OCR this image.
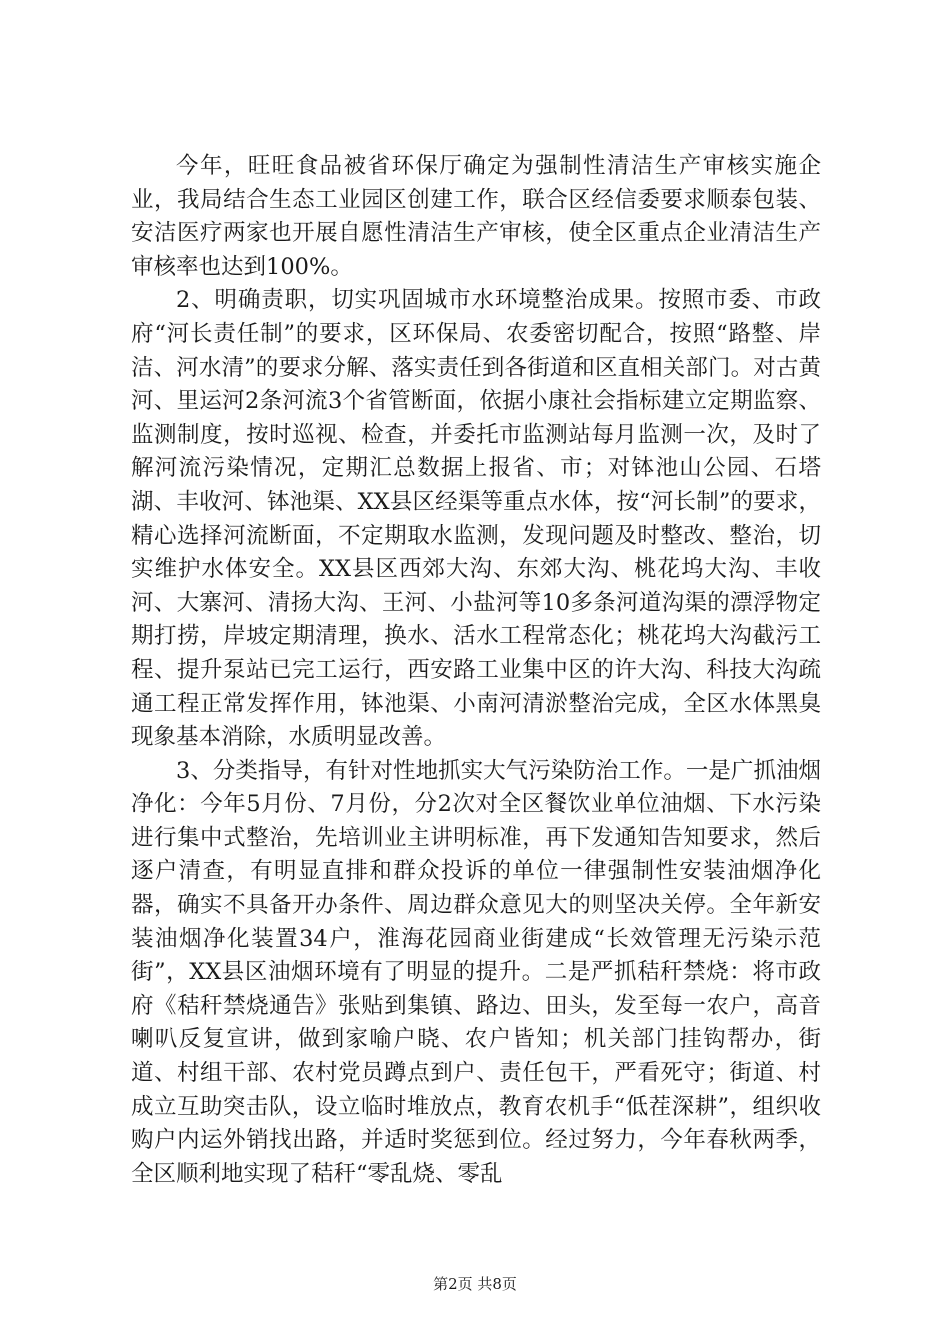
今年，旺旺食品被省环保厅确定为强制性清洁生产审核实施企业，我局结合生态工业园区创建工作，联合区经信委要求顺泰包装、安洁医疗两家也开展自愿性清洁生产审核，使全区重点企业清洁生产审核率也达到100%。

2、明确责职，切实巩固城市水环境整治成果。按照市委、市政府“河长责任制”的要求，区环保局、农委密切配合，按照“路整、岸洁、河水清”的要求分解、落实责任到各街道和区直相关部门。对古黄河、里运河2条河流3个省管断面，依据小康社会指标建立定期监察、监测制度，按时巡视、检查，并委托市监测站每月监测一次，及时了解河流污染情况，定期汇总数据上报省、市；对钵池山公园、石塔湖、丰收河、钵池渠、XX县区经渠等重点水体，按“河长制”的要求，精心选择河流断面，不定期取水监测，发现问题及时整改、整治，切实维护水体安全。XX县区西郊大沟、东郊大沟、桃花坞大沟、丰收河、大寨河、清扬大沟、王河、小盐河等10多条河道沟渠的漂浮物定期打捞，岸坡定期清理，换水、活水工程常态化；桃花坞大沟截污工程、提升泵站已完工运行，西安路工业集中区的许大沟、科技大沟疏通工程正常发挥作用，钵池渠、小南河清淤整治完成，全区水体黑臭现象基本消除，水质明显改善。

3、分类指导，有针对性地抓实大气污染防治工作。一是广抓油烟净化：今年5月份、7月份，分2次对全区餐饮业单位油烟、下水污染进行集中式整治，先培训业主讲明标准，再下发通知告知要求，然后逐户清查，有明显直排和群众投诉的单位一律强制性安装油烟净化器，确实不具备开办条件、周边群众意见大的则坚决关停。全年新安装油烟净化装置34户，淮海花园商业街建成“长效管理无污染示范街”，XX县区油烟环境有了明显的提升。二是严抓秸秆禁烧：将市政府《秸秆禁烧通告》张贴到集镇、路边、田头，发至每一农户，高音喇叭反复宣讲，做到家喻户晓、农户皆知；机关部门挂钩帮办，街道、村组干部、农村党员蹲点到户、责任包干，严看死守；街道、村成立互助突击队，设立临时堆放点，教育农机手“低茬深耕”，组织收购户内运外销找出路，并适时奖惩到位。经过努力，今年春秋两季，全区顺利地实现了秸秆“零乱烧、零乱

第2页 共8页
